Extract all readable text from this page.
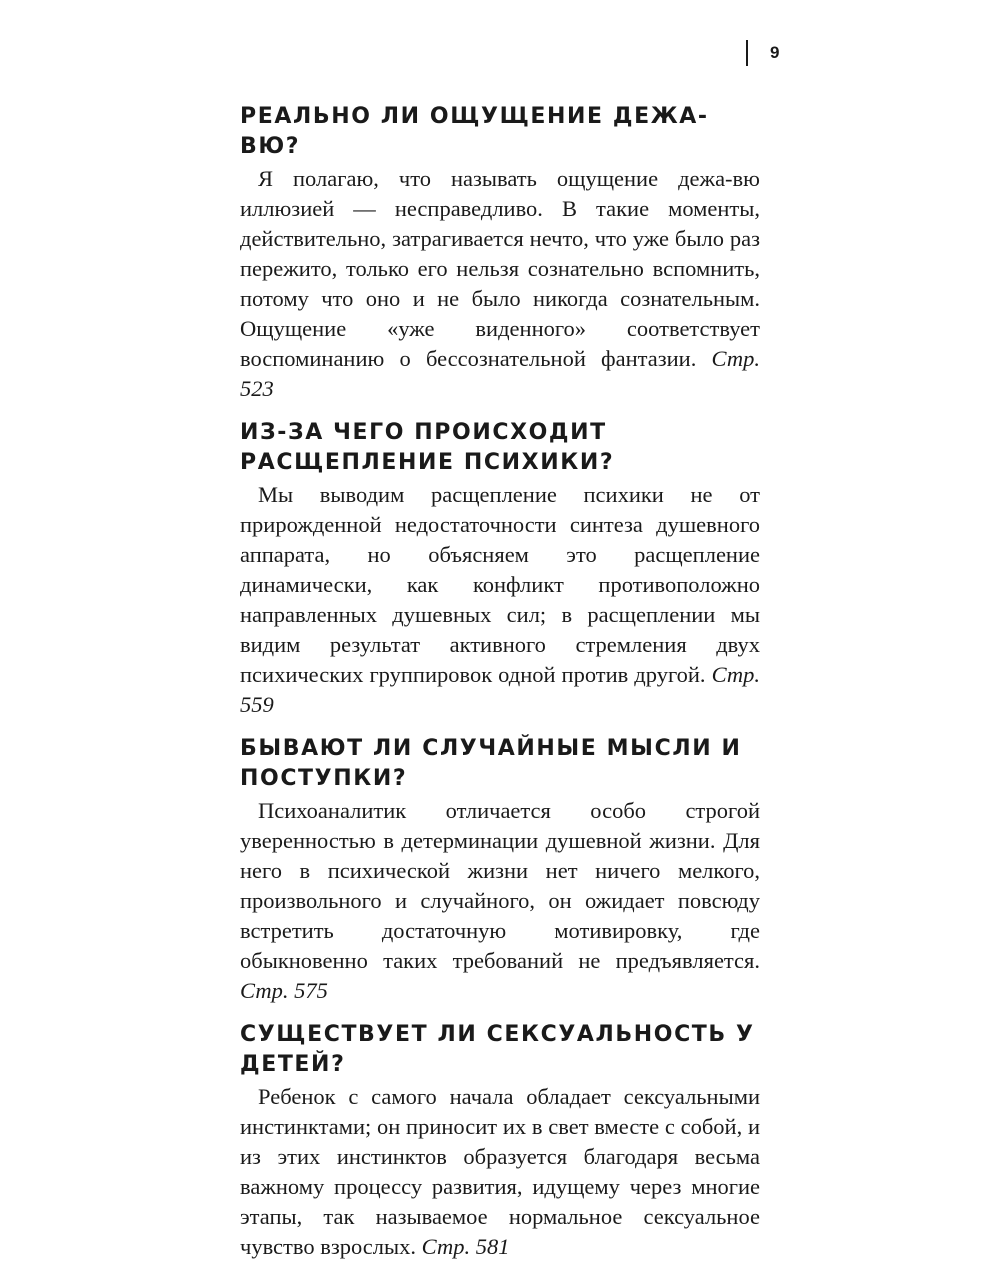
9
РЕАЛЬНО ЛИ ОЩУЩЕНИЕ ДЕЖА-ВЮ?

Я полагаю, что называть ощущение дежа-вю иллюзией — несправедливо. В такие моменты, действительно, затрагивается нечто, что уже было раз пережито, только его нельзя сознательно вспомнить, потому что оно и не было никогда сознательным. Ощущение «уже виденного» соответствует воспоминанию о бессознательной фантазии. Стр. 523

ИЗ-ЗА ЧЕГО ПРОИСХОДИТ РАСЩЕПЛЕНИЕ ПСИХИКИ?

Мы выводим расщепление психики не от прирожденной недостаточности синтеза душевного аппарата, но объясняем это расщепление динамически, как конфликт противоположно направленных душевных сил; в расщеплении мы видим результат активного стремления двух психических группировок одной против другой. Стр. 559

БЫВАЮТ ЛИ СЛУЧАЙНЫЕ МЫСЛИ И ПОСТУПКИ?

Психоаналитик отличается особо строгой уверенностью в детерминации душевной жизни. Для него в психической жизни нет ничего мелкого, произвольного и случайного, он ожидает повсюду встретить достаточную мотивировку, где обыкновенно таких требований не предъявляется. Стр. 575

СУЩЕСТВУЕТ ЛИ СЕКСУАЛЬНОСТЬ У ДЕТЕЙ?

Ребенок с самого начала обладает сексуальными инстинктами; он приносит их в свет вместе с собой, и из этих инстинктов образуется благодаря весьма важному процессу развития, идущему через многие этапы, так называемое нормальное сексуальное чувство взрослых. Стр. 581
